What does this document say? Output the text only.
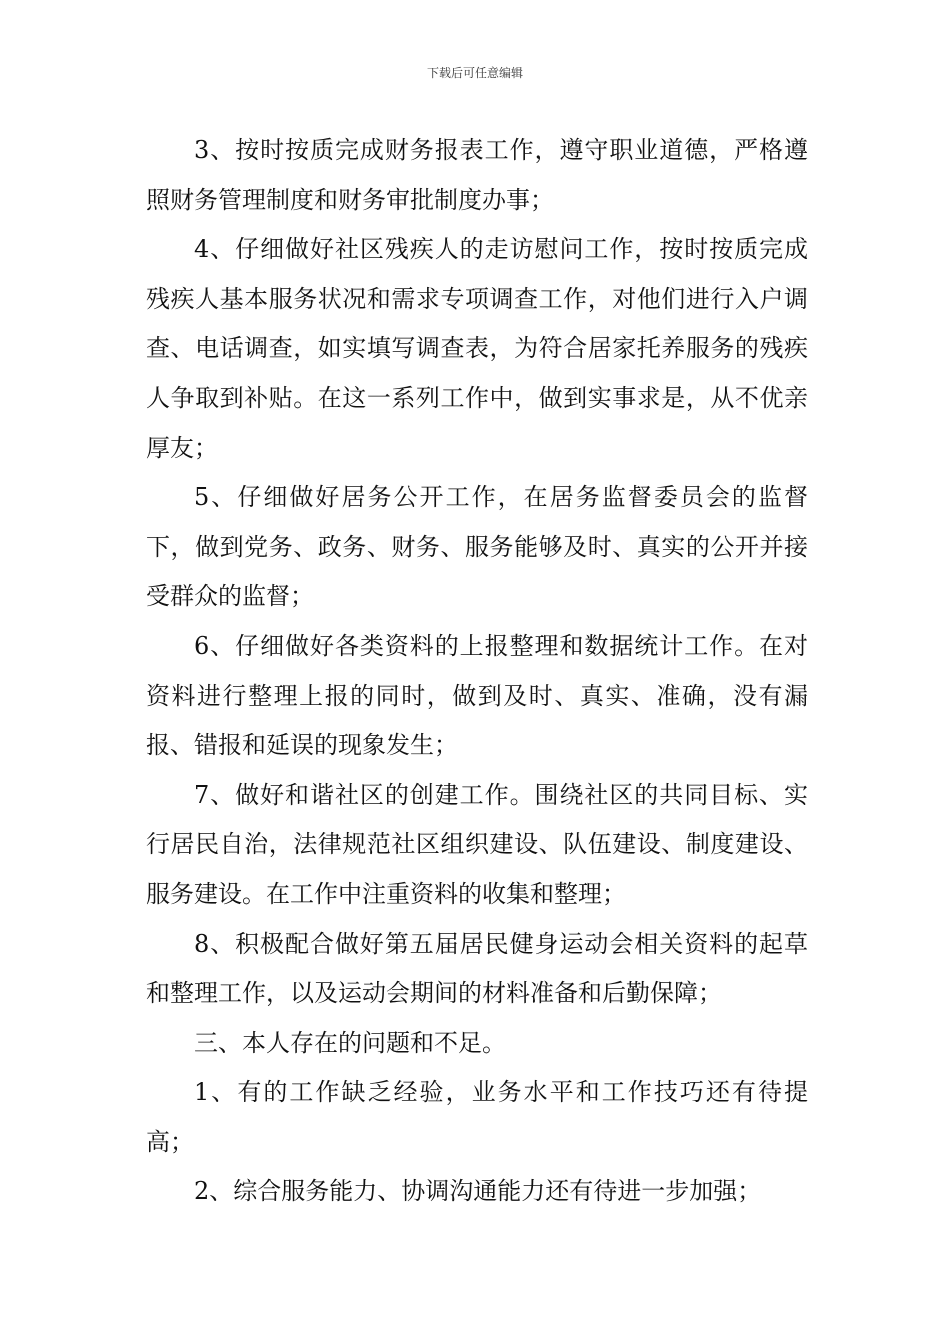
下载后可任意编辑

3、按时按质完成财务报表工作，遵守职业道德，严格遵照财务管理制度和财务审批制度办事；

4、仔细做好社区残疾人的走访慰问工作，按时按质完成残疾人基本服务状况和需求专项调查工作，对他们进行入户调查、电话调查，如实填写调查表，为符合居家托养服务的残疾人争取到补贴。在这一系列工作中，做到实事求是，从不优亲厚友；

5、仔细做好居务公开工作，在居务监督委员会的监督下，做到党务、政务、财务、服务能够及时、真实的公开并接受群众的监督；

6、仔细做好各类资料的上报整理和数据统计工作。在对资料进行整理上报的同时，做到及时、真实、准确，没有漏报、错报和延误的现象发生；

7、做好和谐社区的创建工作。围绕社区的共同目标、实行居民自治，法律规范社区组织建设、队伍建设、制度建设、服务建设。在工作中注重资料的收集和整理；

8、积极配合做好第五届居民健身运动会相关资料的起草和整理工作，以及运动会期间的材料准备和后勤保障；

三、本人存在的问题和不足。

1、有的工作缺乏经验，业务水平和工作技巧还有待提高；

2、综合服务能力、协调沟通能力还有待进一步加强；
